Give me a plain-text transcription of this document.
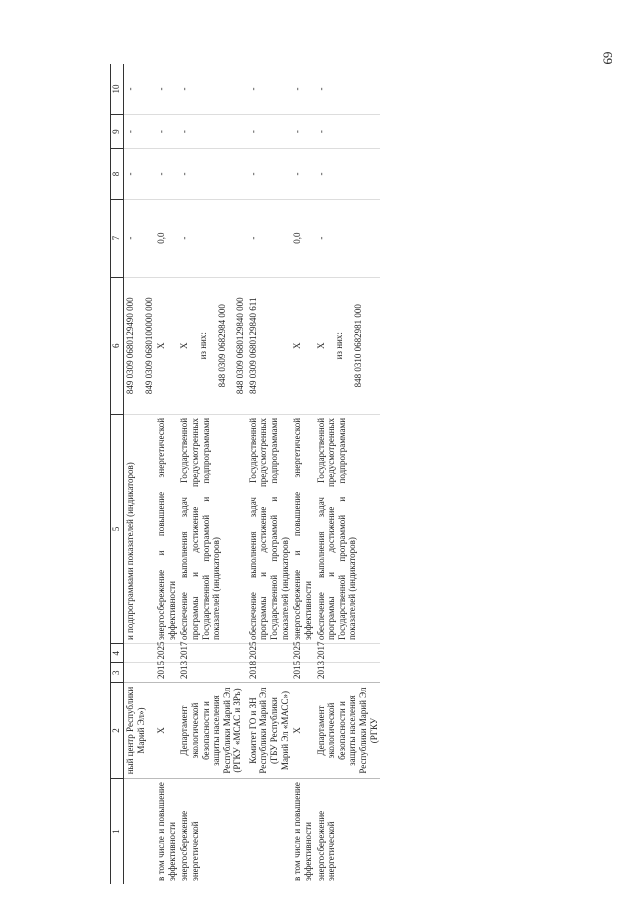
69
1	2	3	4	5	6	7	8	9	10
	ный центр Республики Марий Эл»)			и подпрограммами показателей (индикаторов)	849 0309 0680129490 000 849 0309 0680100000 000	-	-	-	-
в том числе и повышение эффективности	Х	2015	2025	энергосбережение и повышение энергетической эффективности	Х	0,0	-	-	-
энергосбережение энергетической	Департамент экологической безопасности и защиты населения Республики Марий Эл (РГКУ «МСАС и ЗРъ)	2013	2017	обеспечение выполнения задач Государственной программы и достижение предусмотренных Государственной программой и подпрограммами показателей (индикаторов)	Х из них: 848 0309 0682984 000 848 0309 0680129840 000	-	-	-	-
	Комитет ГО и ЗН Республики Марий Эл (ГБУ Республики Марий Эл «МАСС»)	2018	2025	обеспечение выполнения задач Государственной программы и достижение предусмотренных Государственной программой и подпрограммами показателей (индикаторов)	849 0309 0680129840 611	-	-	-	-
в том числе и повышение эффективности	Х	2015	2025	энергосбережение и повышение энергетической эффективности	Х	0,0	-	-	-
энергосбережение энергетической	Департамент экологической безопасности и защиты населения Республики Марий Эл (РГКУ	2013	2017	обеспечение выполнения задач Государственной программы и достижение предусмотренных Государственной программой и подпрограммами показателей (индикаторов)	Х из них: 848 0310 0682981 000	-	-	-	-
